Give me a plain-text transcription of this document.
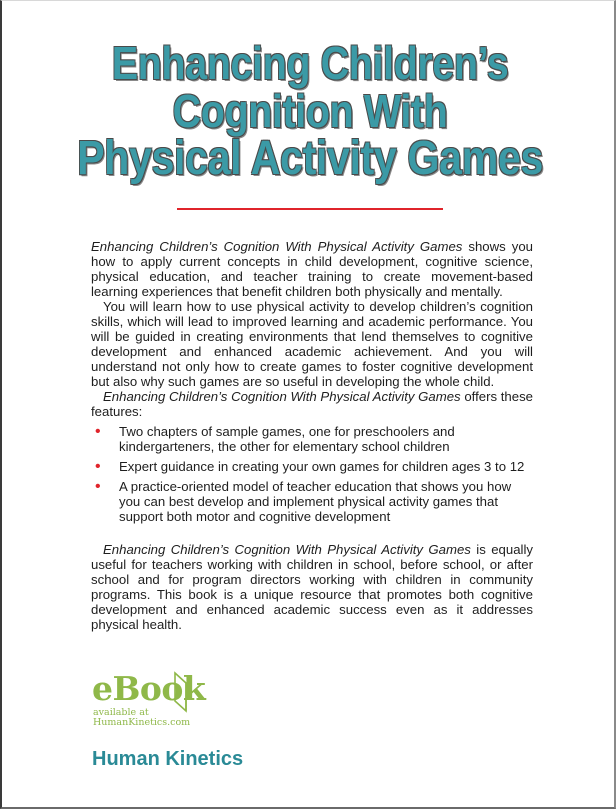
Enhancing Children’s
Cognition With
Physical Activity Games

Enhancing Children’s Cognition With Physical Activity Games shows you how to apply current concepts in child development, cognitive science, physical education, and teacher training to create movement-based learning experiences that benefit children both physically and mentally.

You will learn how to use physical activity to develop children’s cognition skills, which will lead to improved learning and academic performance. You will be guided in creating environments that lend themselves to cognitive development and enhanced academic achievement. And you will understand not only how to create games to foster cognitive development but also why such games are so useful in developing the whole child.

Enhancing Children’s Cognition With Physical Activity Games offers these features:

• Two chapters of sample games, one for preschoolers and kindergarteners, the other for elementary school children
• Expert guidance in creating your own games for children ages 3 to 12
• A practice-oriented model of teacher education that shows you how you can best develop and implement physical activity games that support both motor and cognitive development

Enhancing Children’s Cognition With Physical Activity Games is equally useful for teachers working with children in school, before school, or after school and for program directors working with children in community programs. This book is a unique resource that promotes both cognitive development and enhanced academic success even as it addresses physical health.

eBook
available at
HumanKinetics.com
Human Kinetics
